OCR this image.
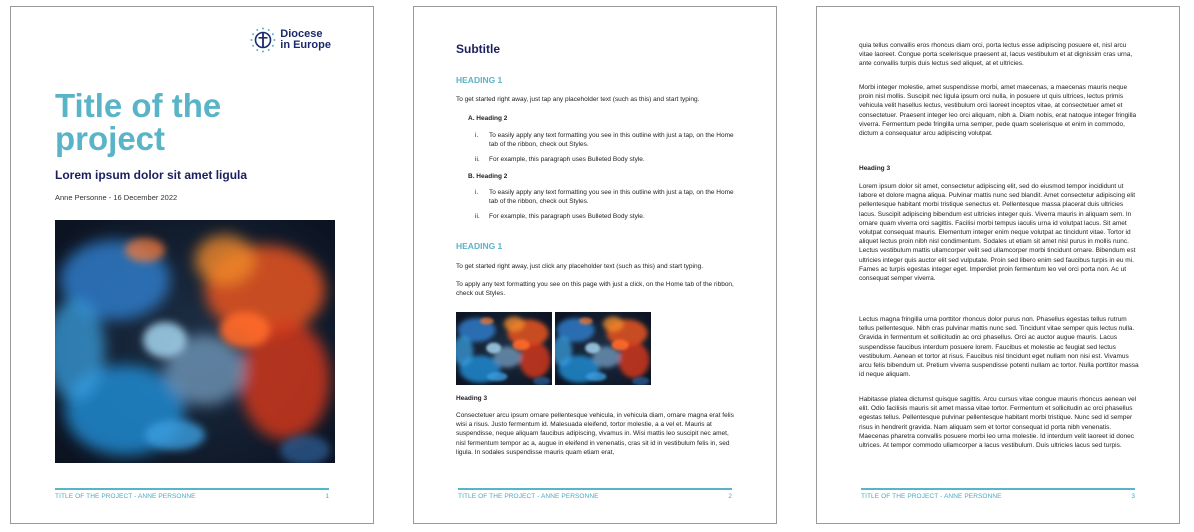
Diocese
in Europe
Title of the project
Lorem ipsum dolor sit amet ligula
Anne Personne - 16 December 2022
TITLE OF THE PROJECT - ANNE PERSONNE	1
Subtitle
HEADING 1
To get started right away, just tap any placeholder text (such as this) and start typing.
A. Heading 2
i. To easily apply any text formatting you see in this outline with just a tap, on the Home tab of the ribbon, check out Styles.
ii. For example, this paragraph uses Bulleted Body style.
B. Heading 2
i. To easily apply any text formatting you see in this outline with just a tap, on the Home tab of the ribbon, check out Styles.
ii. For example, this paragraph uses Bulleted Body style.
HEADING 1
To get started right away, just click any placeholder text (such as this) and start typing.
To apply any text formatting you see on this page with just a click, on the Home tab of the ribbon, check out Styles.
Heading 3
Consectetuer arcu ipsum ornare pellentesque vehicula, in vehicula diam, ornare magna erat felis wisi a risus. Justo fermentum id. Malesuada eleifend, tortor molestie, a a vel et. Mauris at suspendisse, neque aliquam faucibus adipiscing, vivamus in. Wisi mattis leo suscipit nec amet, nisl fermentum tempor ac a, augue in eleifend in venenatis, cras sit id in vestibulum felis in, sed ligula. In sodales suspendisse mauris quam etiam erat,
TITLE OF THE PROJECT - ANNE PERSONNE	2
quia tellus convallis eros rhoncus diam orci, porta lectus esse adipiscing posuere et, nisl arcu vitae laoreet. Congue porta scelerisque praesent at, lacus vestibulum et at dignissim cras urna, ante convallis turpis duis lectus sed aliquet, at et ultricies.
Morbi integer molestie, amet suspendisse morbi, amet maecenas, a maecenas mauris neque proin nisl mollis. Suscipit nec ligula ipsum orci nulla, in posuere ut quis ultrices, lectus primis vehicula velit hasellus lectus, vestibulum orci laoreet inceptos vitae, at consectetuer amet et consectetuer. Praesent integer leo orci aliquam, nibh a. Diam nobis, erat natoque integer fringilla viverra. Fermentum pede fringilla urna semper, pede quam scelerisque et enim in commodo, dictum a consequatur arcu adipiscing volutpat.
Heading 3
Lorem ipsum dolor sit amet, consectetur adipiscing elit, sed do eiusmod tempor incididunt ut labore et dolore magna aliqua. Pulvinar mattis nunc sed blandit. Amet consectetur adipiscing elit pellentesque habitant morbi tristique senectus et. Pellentesque massa placerat duis ultricies lacus. Suscipit adipiscing bibendum est ultricies integer quis. Viverra mauris in aliquam sem. In ornare quam viverra orci sagittis. Facilisi morbi tempus iaculis urna id volutpat lacus. Sit amet volutpat consequat mauris. Elementum integer enim neque volutpat ac tincidunt vitae. Tortor id aliquet lectus proin nibh nisl condimentum. Sodales ut etiam sit amet nisl purus in mollis nunc. Lectus vestibulum mattis ullamcorper velit sed ullamcorper morbi tincidunt ornare. Bibendum est ultricies integer quis auctor elit sed vulputate. Proin sed libero enim sed faucibus turpis in eu mi. Fames ac turpis egestas integer eget. Imperdiet proin fermentum leo vel orci porta non. Ac ut consequat semper viverra.
Lectus magna fringilla urna porttitor rhoncus dolor purus non. Phasellus egestas tellus rutrum tellus pellentesque. Nibh cras pulvinar mattis nunc sed. Tincidunt vitae semper quis lectus nulla. Gravida in fermentum et sollicitudin ac orci phasellus. Orci ac auctor augue mauris. Lacus suspendisse faucibus interdum posuere lorem. Faucibus et molestie ac feugiat sed lectus vestibulum. Aenean et tortor at risus. Faucibus nisl tincidunt eget nullam non nisi est. Vivamus arcu felis bibendum ut. Pretium viverra suspendisse potenti nullam ac tortor. Nulla porttitor massa id neque aliquam.
Habitasse platea dictumst quisque sagittis. Arcu cursus vitae congue mauris rhoncus aenean vel elit. Odio facilisis mauris sit amet massa vitae tortor. Fermentum et sollicitudin ac orci phasellus egestas tellus. Pellentesque pulvinar pellentesque habitant morbi tristique. Nunc sed id semper risus in hendrerit gravida. Nam aliquam sem et tortor consequat id porta nibh venenatis. Maecenas pharetra convallis posuere morbi leo urna molestie. Id interdum velit laoreet id donec ultrices. At tempor commodo ullamcorper a lacus vestibulum. Duis ultricies lacus sed turpis.
TITLE OF THE PROJECT - ANNE PERSONNE	3
